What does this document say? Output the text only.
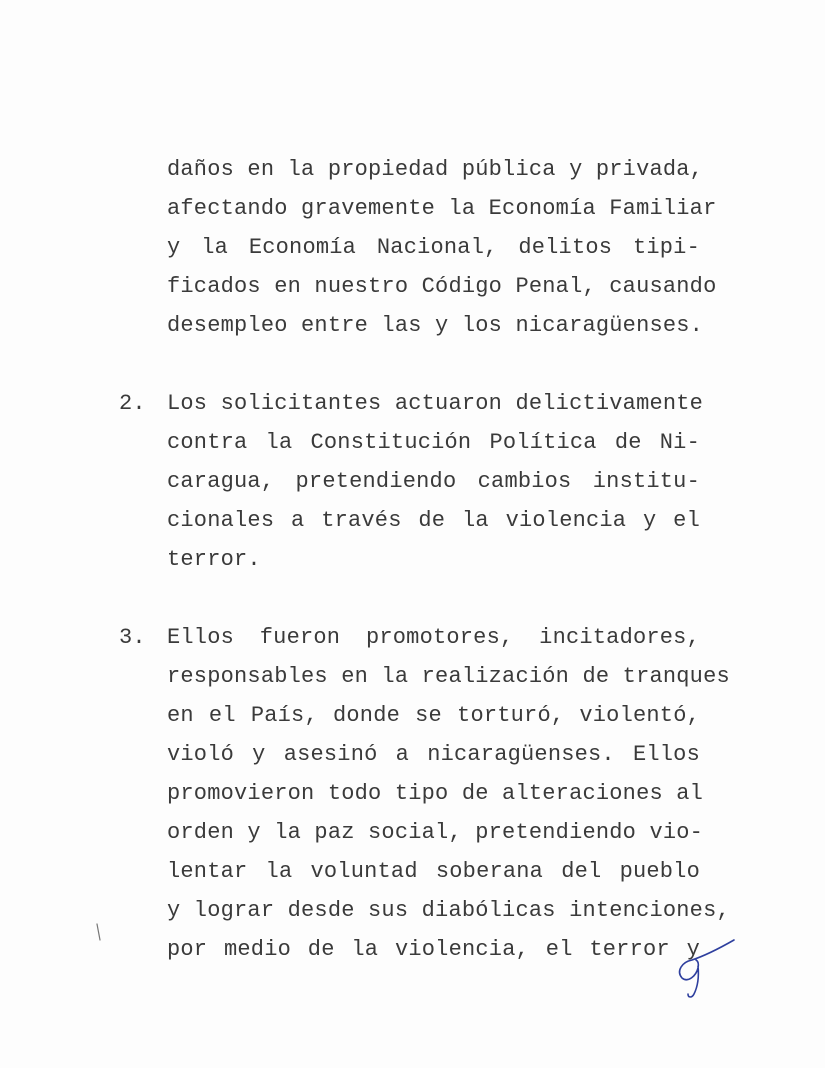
daños en la propiedad pública y privada,
afectando gravemente la Economía Familiar
y la Economía Nacional, delitos tipi-
ficados en nuestro Código Penal, causando
desempleo entre las y los nicaragüenses.
2. Los solicitantes actuaron delictivamente
contra la Constitución Política de Ni-
caragua, pretendiendo cambios institu-
cionales a través de la violencia y el
terror.
3. Ellos fueron promotores, incitadores,
responsables en la realización de tranques
en el País, donde se torturó, violentó,
violó y asesinó a nicaragüenses. Ellos
promovieron todo tipo de alteraciones al
orden y la paz social, pretendiendo vio-
lentar la voluntad soberana del pueblo
y lograr desde sus diabólicas intenciones,
por medio de la violencia, el terror y
